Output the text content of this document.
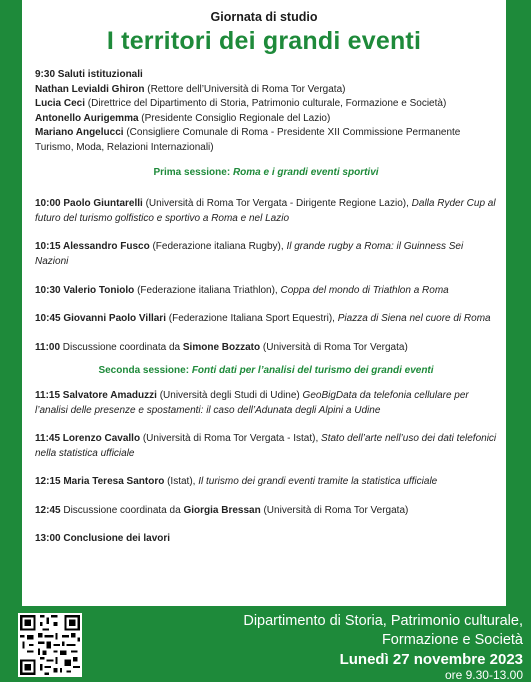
Giornata di studio
I territori dei grandi eventi

9:30 Saluti istituzionali

Nathan Levialdi Ghiron (Rettore dell’Università di Roma Tor Vergata)

Lucia Ceci (Direttrice del Dipartimento di Storia, Patrimonio culturale, Formazione e Società)

Antonello Aurigemma (Presidente Consiglio Regionale del Lazio)

Mariano Angelucci (Consigliere Comunale di Roma - Presidente XII Commissione Permanente Turismo, Moda, Relazioni Internazionali)

Prima sessione: Roma e i grandi eventi sportivi

10:00 Paolo Giuntarelli (Università di Roma Tor Vergata - Dirigente Regione Lazio), Dalla Ryder Cup al futuro del turismo golfistico e sportivo a Roma e nel Lazio

10:15 Alessandro Fusco (Federazione italiana Rugby), Il grande rugby a Roma: il Guinness Sei Nazioni

10:30 Valerio Toniolo (Federazione italiana Triathlon), Coppa del mondo di Triathlon a Roma

10:45 Giovanni Paolo Villari (Federazione Italiana Sport Equestri), Piazza di Siena nel cuore di Roma

11:00 Discussione coordinata da Simone Bozzato (Università di Roma Tor Vergata)

Seconda sessione: Fonti dati per l’analisi del turismo dei grandi eventi

11:15 Salvatore Amaduzzi (Università degli Studi di Udine) GeoBigData da telefonia cellulare per l’analisi delle presenze e spostamenti: il caso dell’Adunata degli Alpini a Udine

11:45 Lorenzo Cavallo (Università di Roma Tor Vergata - Istat), Stato dell’arte nell’uso dei dati telefonici nella statistica ufficiale

12:15 Maria Teresa Santoro (Istat), Il turismo dei grandi eventi tramite la statistica ufficiale

12:45 Discussione coordinata da Giorgia Bressan (Università di Roma Tor Vergata)

13:00 Conclusione dei lavori

Dipartimento di Storia, Patrimonio culturale,
Formazione e Società
Lunedì 27 novembre 2023
ore 9.30-13.00
